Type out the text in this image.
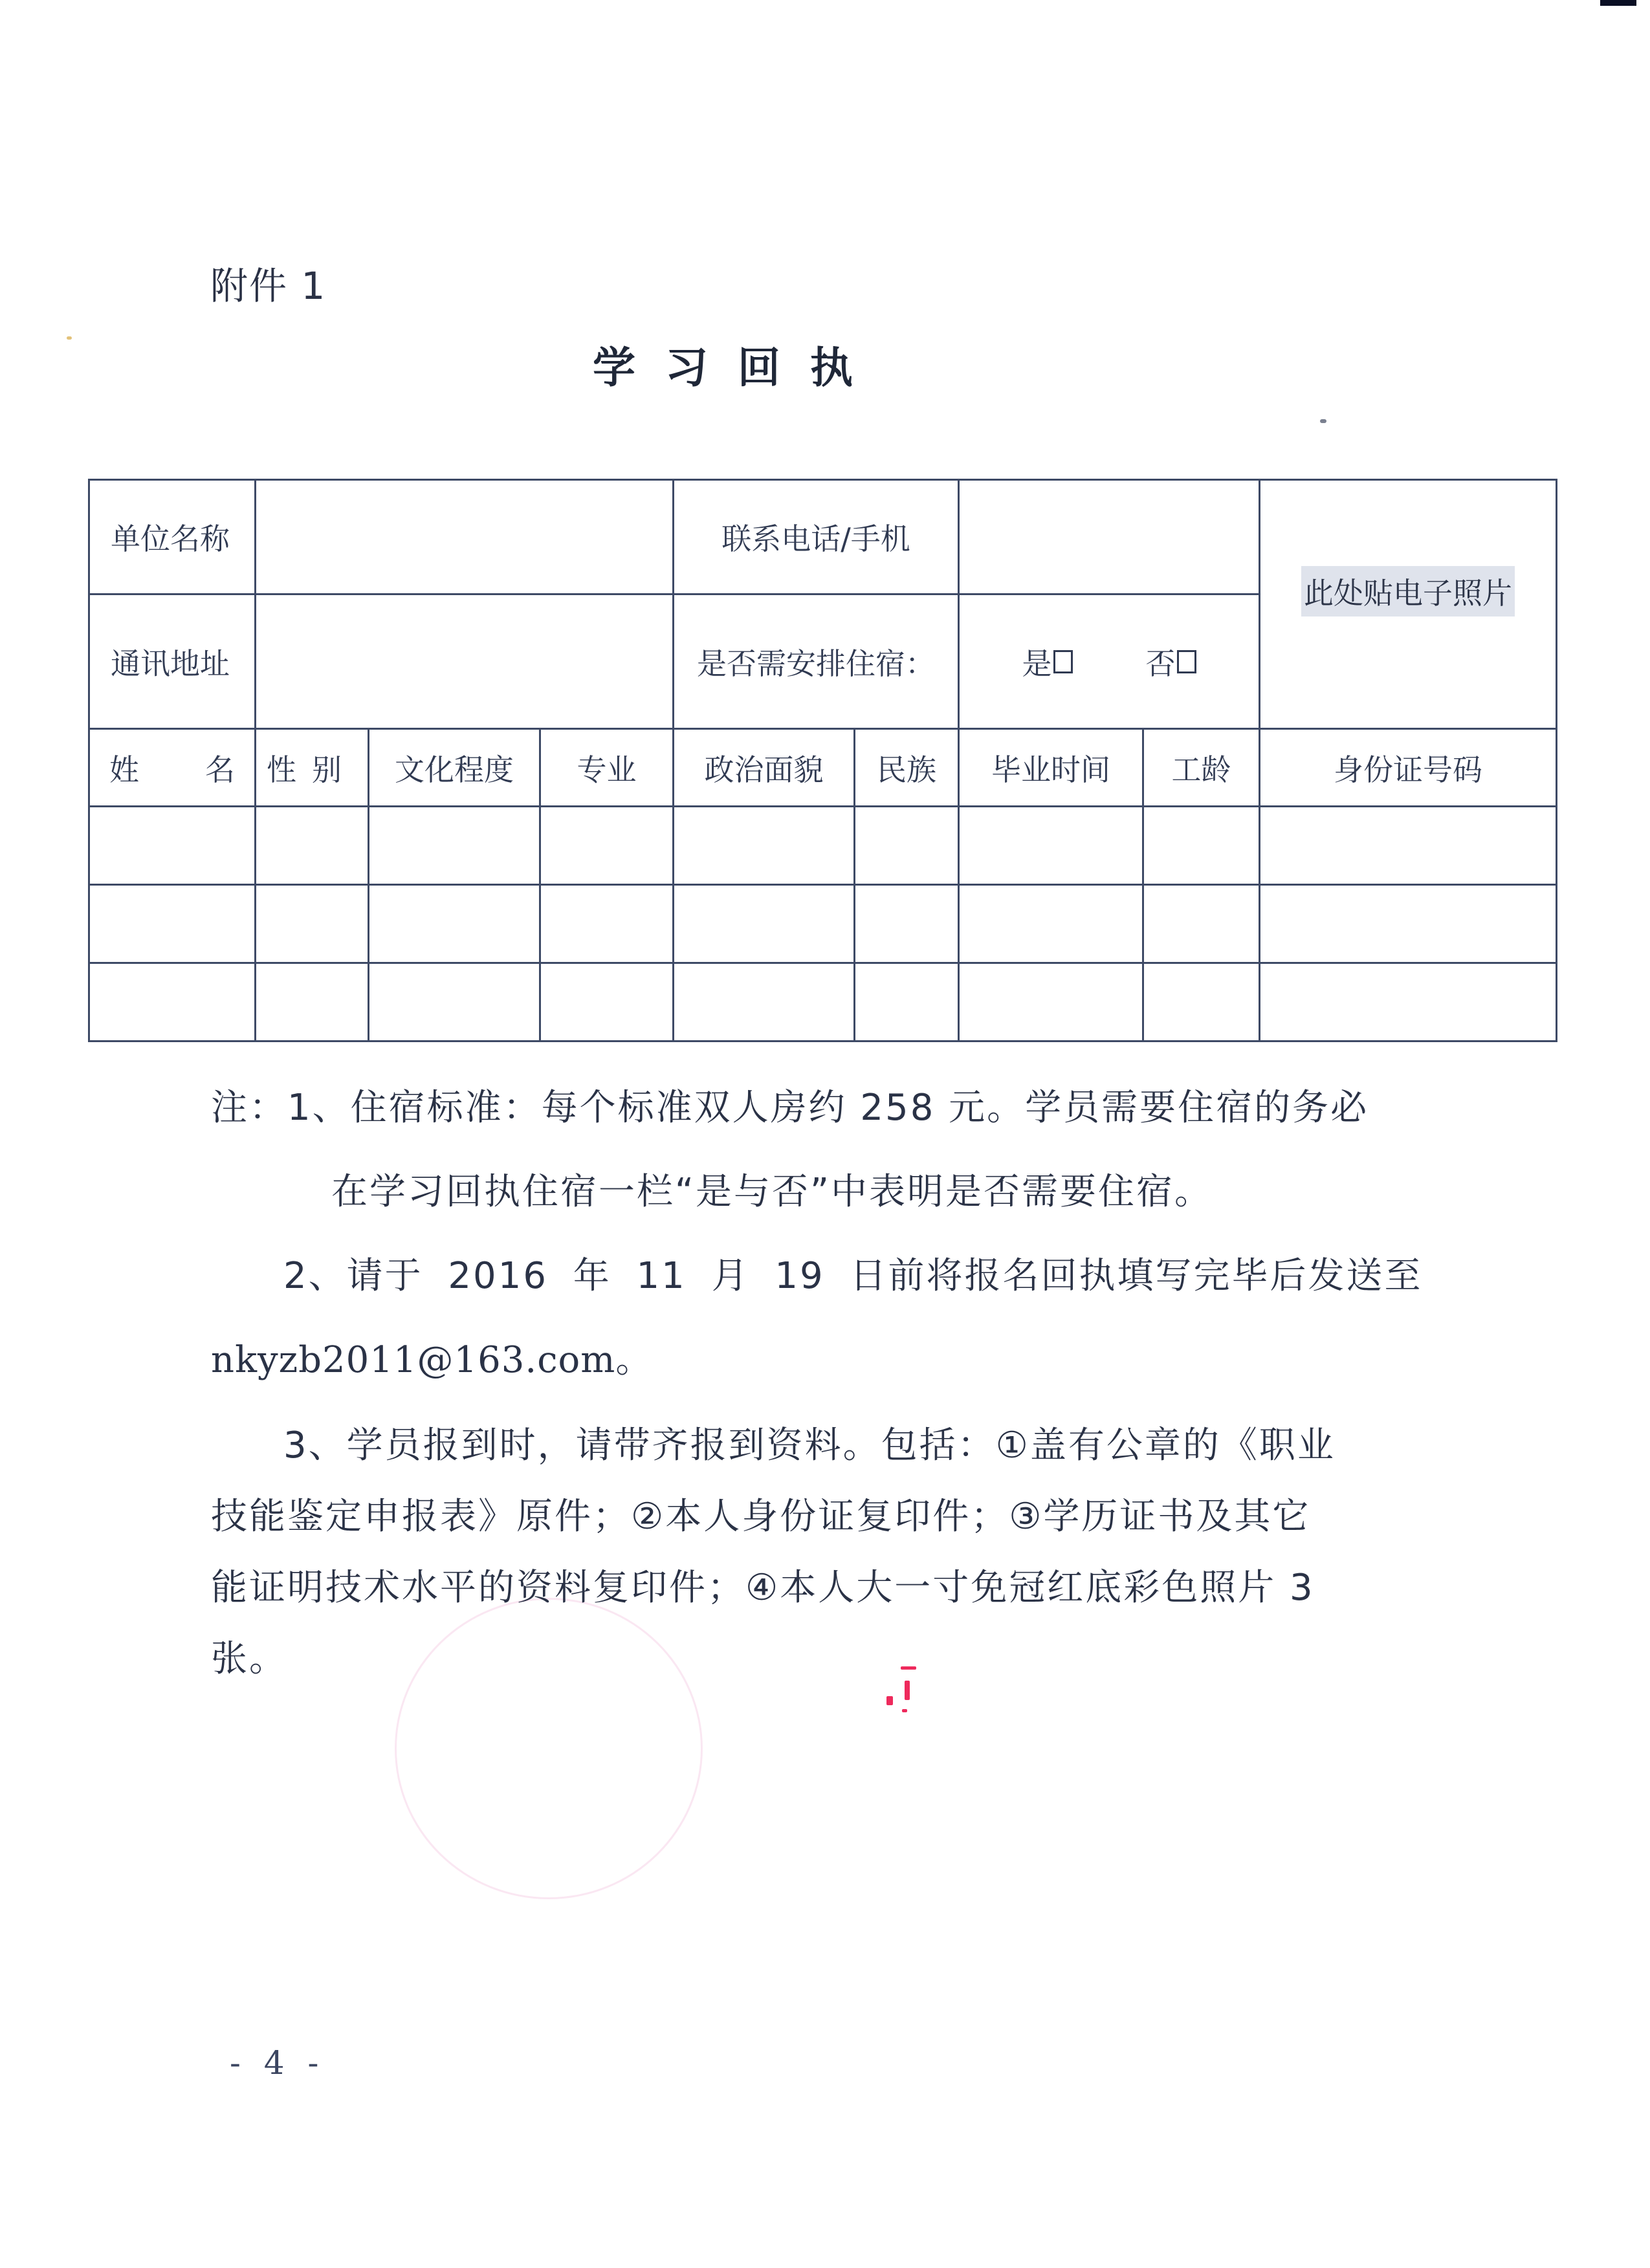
附件 1
学习回执
单位名称				联系电话/手机				此处贴电子照片
通讯地址				是否需安排住宿：		是 否		

姓 名	性别	文化程度	专业	政治面貌	民族	毕业时间	工龄	身份证号码

注：1、住宿标准：每个标准双人房约 258 元。学员需要住宿的务必
在学习回执住宿一栏“是与否”中表明是否需要住宿。
2、请于 2016 年 11 月 19 日前将报名回执填写完毕后发送至
nkyzb2011@163.com。
3、学员报到时，请带齐报到资料。包括：①盖有公章的《职业
技能鉴定申报表》原件；②本人身份证复印件；③学历证书及其它
能证明技术水平的资料复印件；④本人大一寸免冠红底彩色照片 3
张。
- 4 -
